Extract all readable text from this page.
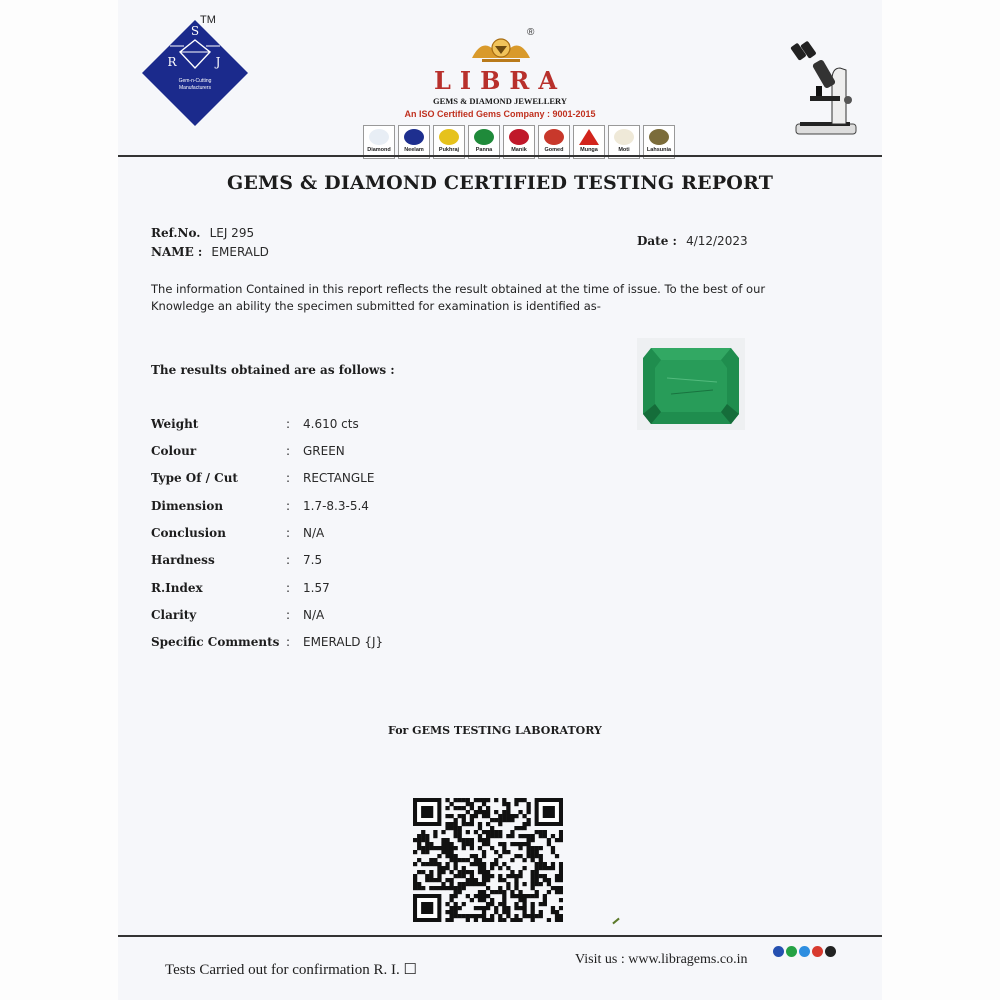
S
R	J
Gem-n-Cutting
Manufacturers
TM
®
LIBRA
GEMS & DIAMOND JEWELLERY
An ISO Certified Gems Company : 9001-2015
Diamond Neelam	Pukhraj	Panna	Manik	Gomed	Munga	Moti	Lahsunia
GEMS & DIAMOND CERTIFIED TESTING REPORT
Ref.No. LEJ 295
NAME : EMERALD
Date : 4/12/2023
The information Contained in this report reflects the result obtained at the time of issue. To the best of our
Knowledge an ability the specimen submitted for examination is identified as-
The results obtained are as follows :
Weight	:	4.610 cts
Colour	:	GREEN
Type Of / Cut	:	RECTANGLE
Dimension	:	1.7-8.3-5.4
Conclusion	:	N/A
Hardness	:	7.5
R.Index	:	1.57
Clarity	:	N/A
Specific Comments :	EMERALD {J}
For GEMS TESTING LABORATORY
Tests Carried out for confirmation R. I. ☐
Visit us : www.libragems.co.in
